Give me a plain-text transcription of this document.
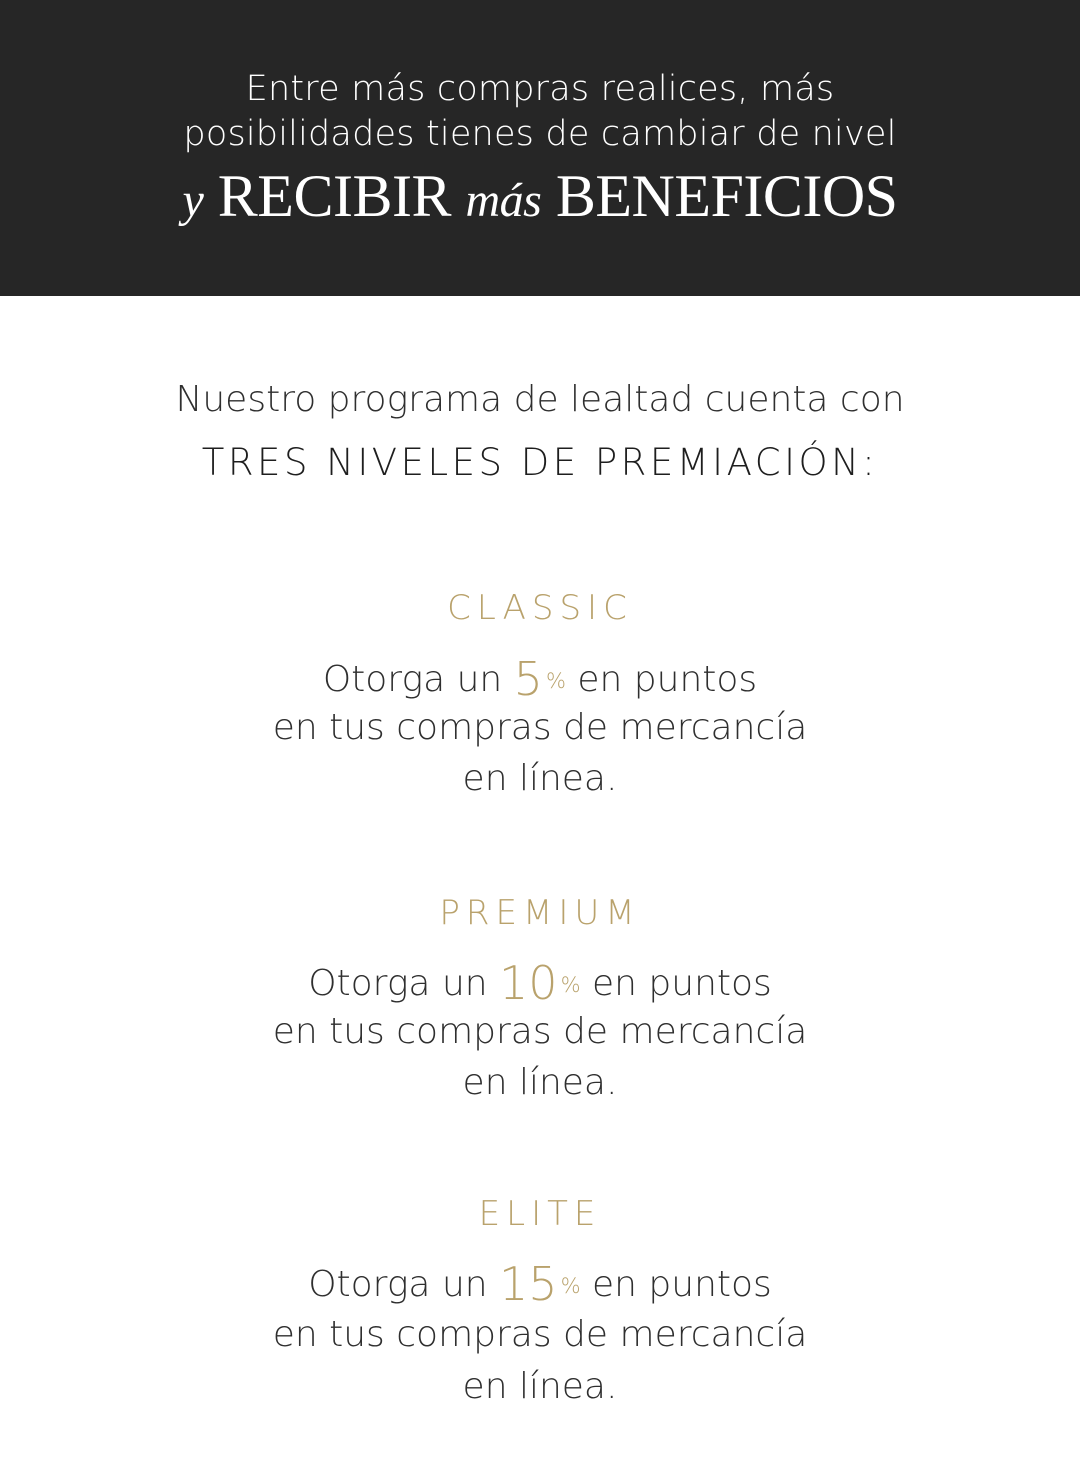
Entre más compras realices, más
posibilidades tienes de cambiar de nivel
y RECIBIR más BENEFICIOS
Nuestro programa de lealtad cuenta con
TRES NIVELES DE PREMIACIÓN:
CLASSIC
Otorga un 5 % en puntos
en tus compras de mercancía
en línea.
PREMIUM
Otorga un 10 % en puntos
en tus compras de mercancía
en línea.
ELITE
Otorga un 15 % en puntos
en tus compras de mercancía
en línea.
